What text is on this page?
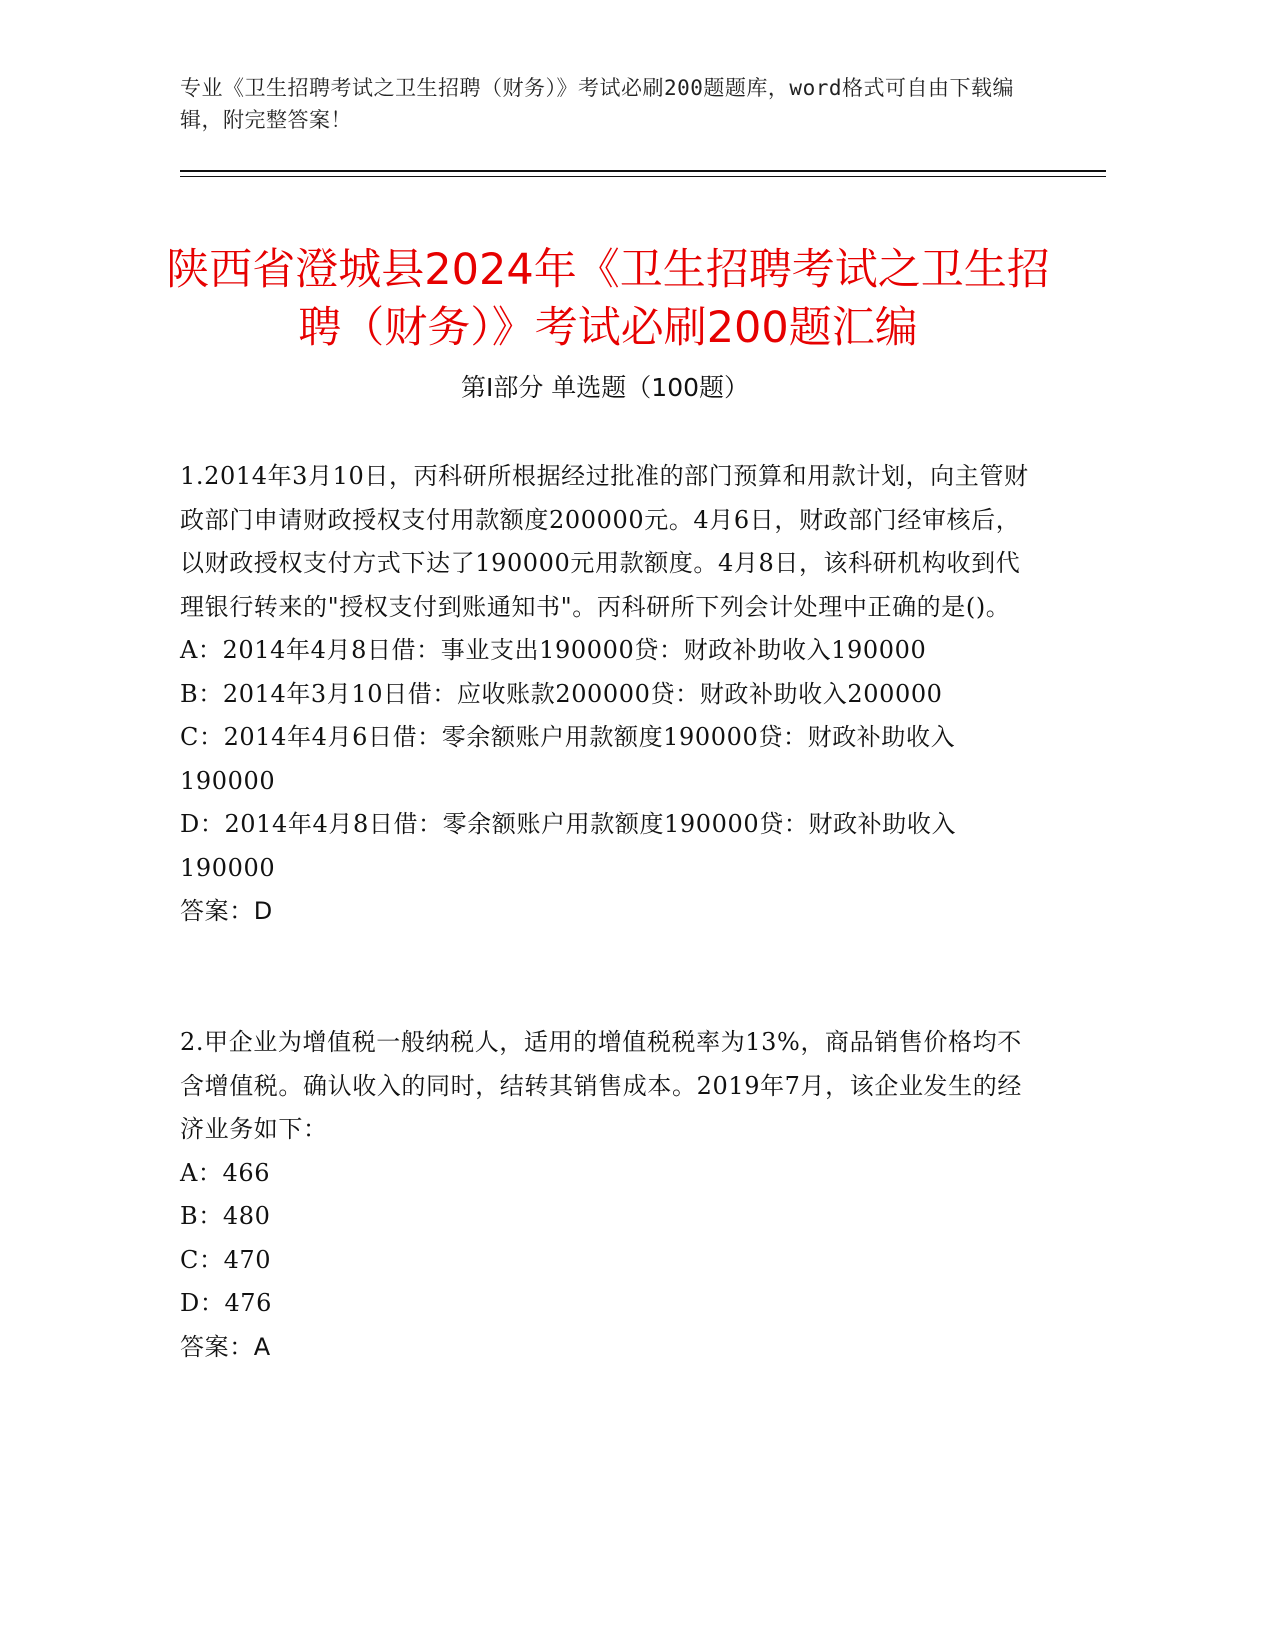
专业《卫生招聘考试之卫生招聘（财务）》考试必刷200题题库，word格式可自由下载编辑，附完整答案！
陕西省澄城县2024年《卫生招聘考试之卫生招聘（财务）》考试必刷200题汇编
第Ⅰ部分 单选题（100题）

1.2014年3月10日，丙科研所根据经过批准的部门预算和用款计划，向主管财政部门申请财政授权支付用款额度200000元。4月6日，财政部门经审核后，以财政授权支付方式下达了190000元用款额度。4月8日，该科研机构收到代理银行转来的"授权支付到账通知书"。丙科研所下列会计处理中正确的是()。

A：2014年4月8日借：事业支出190000贷：财政补助收入190000

B：2014年3月10日借：应收账款200000贷：财政补助收入200000

C：2014年4月6日借：零余额账户用款额度190000贷：财政补助收入190000

D：2014年4月8日借：零余额账户用款额度190000贷：财政补助收入190000

答案：D

2.甲企业为增值税一般纳税人，适用的增值税税率为13%，商品销售价格均不含增值税。确认收入的同时，结转其销售成本。2019年7月，该企业发生的经济业务如下：

A：466

B：480

C：470

D：476

答案：A
